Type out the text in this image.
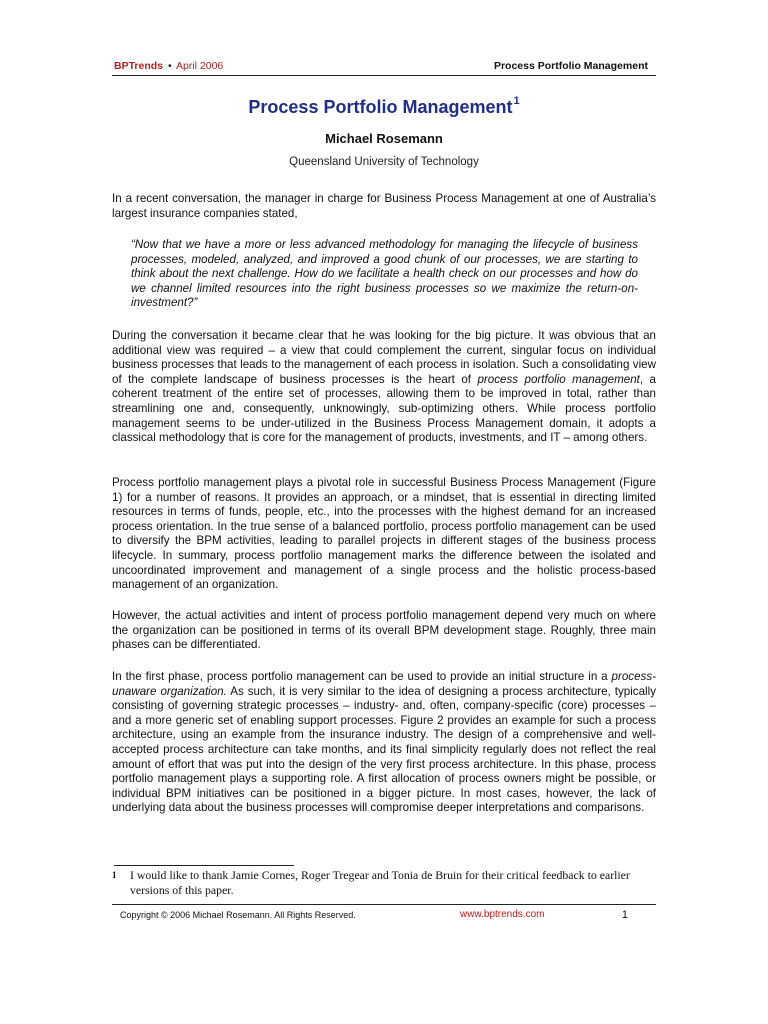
BPTrends • April 2006	Process Portfolio Management
Process Portfolio Management$^1$
Michael Rosemann
Queensland University of Technology

In a recent conversation, the manager in charge for Business Process Management at one of Australia’s largest insurance companies stated,

“Now that we have a more or less advanced methodology for managing the lifecycle of business processes, modeled, analyzed, and improved a good chunk of our processes, we are starting to think about the next challenge. How do we facilitate a health check on our processes and how do we channel limited resources into the right business processes so we maximize the return-on-investment?”

During the conversation it became clear that he was looking for the big picture. It was obvious that an additional view was required – a view that could complement the current, singular focus on individual business processes that leads to the management of each process in isolation. Such a consolidating view of the complete landscape of business processes is the heart of process portfolio management, a coherent treatment of the entire set of processes, allowing them to be improved in total, rather than streamlining one and, consequently, unknowingly, sub-optimizing others. While process portfolio management seems to be under-utilized in the Business Process Management domain, it adopts a classical methodology that is core for the management of products, investments, and IT – among others.

Process portfolio management plays a pivotal role in successful Business Process Management (Figure 1) for a number of reasons. It provides an approach, or a mindset, that is essential in directing limited resources in terms of funds, people, etc., into the processes with the highest demand for an increased process orientation. In the true sense of a balanced portfolio, process portfolio management can be used to diversify the BPM activities, leading to parallel projects in different stages of the business process lifecycle. In summary, process portfolio management marks the difference between the isolated and uncoordinated improvement and management of a single process and the holistic process-based management of an organization.

However, the actual activities and intent of process portfolio management depend very much on where the organization can be positioned in terms of its overall BPM development stage. Roughly, three main phases can be differentiated.

In the first phase, process portfolio management can be used to provide an initial structure in a process-unaware organization. As such, it is very similar to the idea of designing a process architecture, typically consisting of governing strategic processes – industry- and, often, company-specific (core) processes – and a more generic set of enabling support processes. Figure 2 provides an example for such a process architecture, using an example from the insurance industry. The design of a comprehensive and well-accepted process architecture can take months, and its final simplicity regularly does not reflect the real amount of effort that was put into the design of the very first process architecture. In this phase, process portfolio management plays a supporting role. A first allocation of process owners might be possible, or individual BPM initiatives can be positioned in a bigger picture. In most cases, however, the lack of underlying data about the business processes will compromise deeper interpretations and comparisons.

1	I would like to thank Jamie Cornes, Roger Tregear and Tonia de Bruin for their critical feedback to earlier versions of this paper.
Copyright © 2006 Michael Rosemann. All Rights Reserved.	www.bptrends.com	1
